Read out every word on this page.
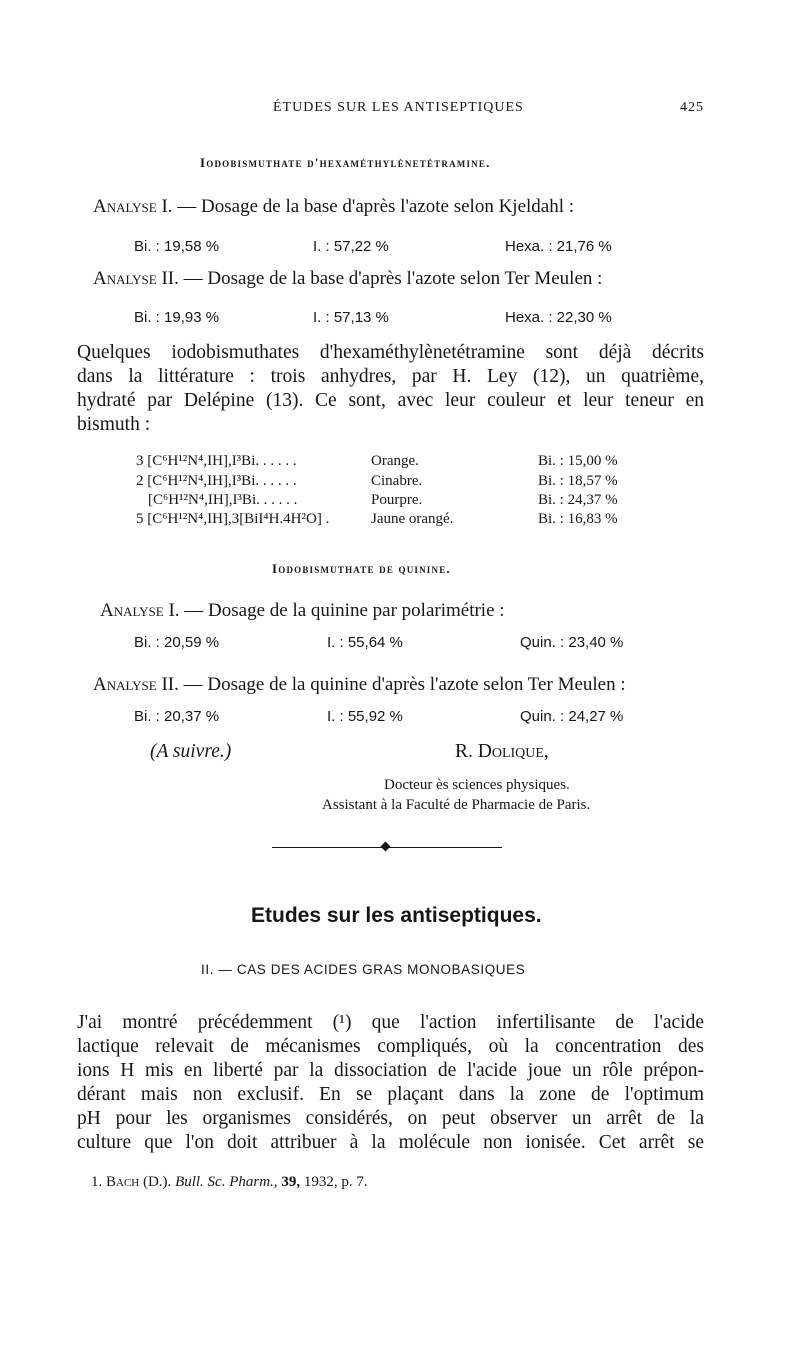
ÉTUDES SUR LES ANTISEPTIQUES	425
Iodobismuthate d'hexaméthylènetétramine.
Analyse I. — Dosage de la base d'après l'azote selon Kjeldahl :
Bi. : 19,58 %	I. : 57,22 %	Hexa. : 21,76 %
Analyse II. — Dosage de la base d'après l'azote selon Ter Meulen :
Bi. : 19,93 %	I. : 57,13 %	Hexa. : 22,30 %
Quelques iodobismuthates d'hexaméthylènetétramine sont déjà décrits
dans la littérature : trois anhydres, par H. Ley (12), un quatrième,
hydraté par Delépine (13). Ce sont, avec leur couleur et leur teneur en
bismuth :
3 [C⁶H¹²N⁴,IH],I³Bi. . . . . .	Orange.	Bi. : 15,00 %
2 [C⁶H¹²N⁴,IH],I³Bi. . . . . .	Cinabre.	Bi. : 18,57 %
[C⁶H¹²N⁴,IH],I³Bi. . . . . .	Pourpre.	Bi. : 24,37 %
5 [C⁶H¹²N⁴,IH],3[BiI⁴H.4H²O] .	Jaune orangé.	Bi. : 16,83 %
Iodobismuthate de quinine.
Analyse I. — Dosage de la quinine par polarimétrie :
Bi. : 20,59 %	I. : 55,64 %	Quin. : 23,40 %
Analyse II. — Dosage de la quinine d'après l'azote selon Ter Meulen :
Bi. : 20,37 %	I. : 55,92 %	Quin. : 24,27 %
(A suivre.)	R. Dolique,
Docteur ès sciences physiques.
Assistant à la Faculté de Pharmacie de Paris.
Etudes sur les antiseptiques.
II. — CAS DES ACIDES GRAS MONOBASIQUES
J'ai montré précédemment (¹) que l'action infertilisante de l'acide
lactique relevait de mécanismes compliqués, où la concentration des
ions H mis en liberté par la dissociation de l'acide joue un rôle prépon-
dérant mais non exclusif. En se plaçant dans la zone de l'optimum
pH pour les organismes considérés, on peut observer un arrêt de la
culture que l'on doit attribuer à la molécule non ionisée. Cet arrêt se
1. Bach (D.). Bull. Sc. Pharm., 39, 1932, p. 7.
